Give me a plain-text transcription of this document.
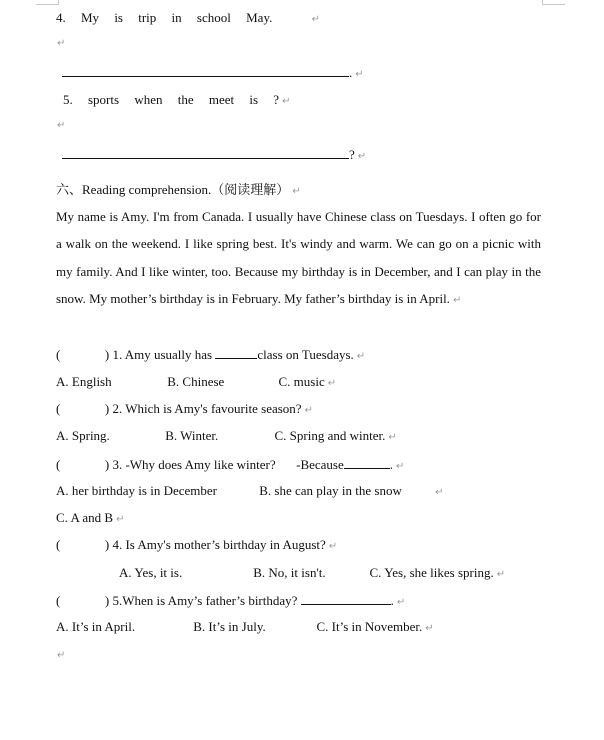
4. My is trip in school May.	↵
↵
. ↵
5. sports when the meet is ? ↵
↵
? ↵
六、Reading comprehension.（阅读理解） ↵
My name is Amy. I'm from Canada. I usually have Chinese class on Tuesdays. I often go for a walk on the weekend. I like spring best. It's windy and warm. We can go on a picnic with my family. And I like winter, too. Because my birthday is in December, and I can play in the snow. My mother’s birthday is in February. My father’s birthday is in April. ↵
(	) 1. Amy usually has	class on Tuesdays. ↵
A. English	B. Chinese	C. music ↵
(	) 2. Which is Amy's favourite season? ↵
A. Spring.	B. Winter.	C. Spring and winter. ↵
(	) 3. -Why does Amy like winter? -Because	. ↵
A. her birthday is in December	B. she can play in the snow	↵
C. A and B ↵
(	) 4. Is Amy's mother’s birthday in August? ↵
A. Yes, it is.	B. No, it isn't.	C. Yes, she likes spring. ↵
(	) 5.When is Amy’s father’s birthday?	. ↵
A. It’s in April.	B. It’s in July.	C. It’s in November. ↵
↵
